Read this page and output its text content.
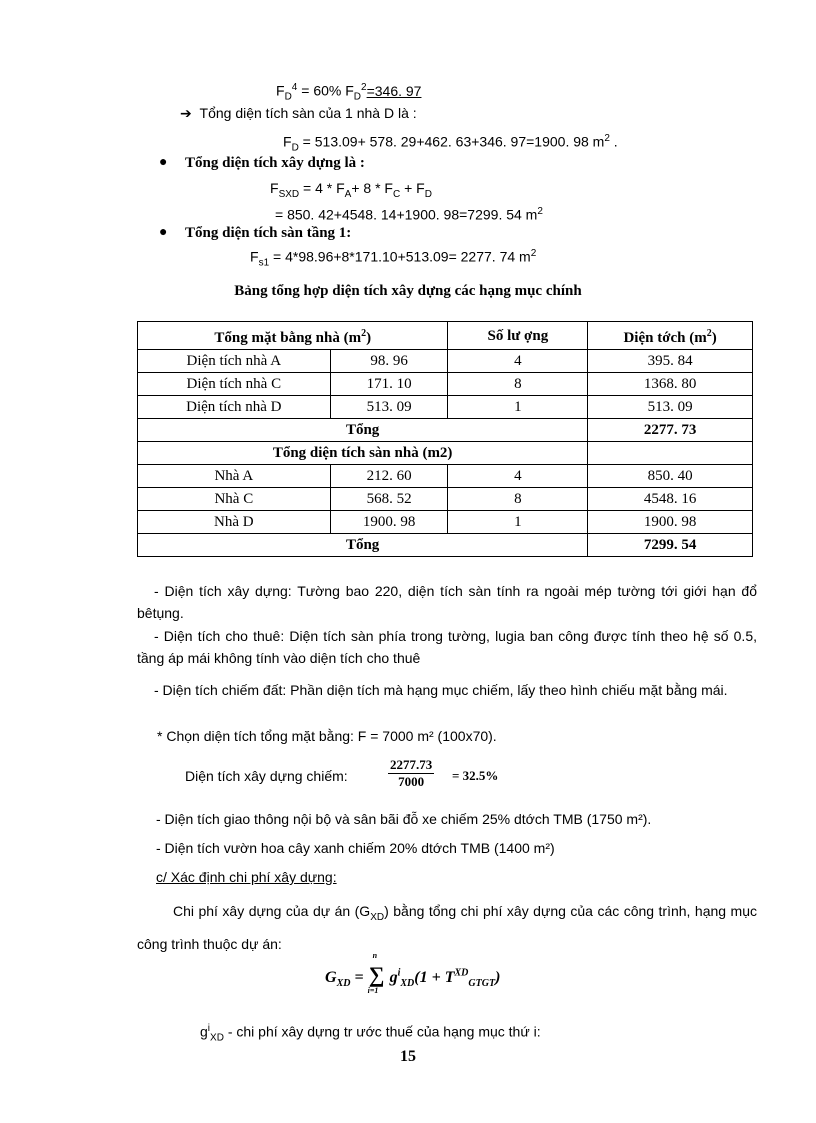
$F_D^4 = 60\%$ $F_D^2=346$. 97
➔ Tổng diện tích sàn của 1 nhà D là :
$F_D = 513.09+ 578$. 29+462. 63+346. 97=1900. 98 $m^2$ .
● Tổng diện tích xây dựng là :
$F_{SXD} = 4 * F_A+ 8 * F_C + F_D$
= 850. 42+4548. 14+1900. 98=7299. 54 $m^2$
● Tổng diện tích sàn tầng 1:
$F_{s1} = 4*98.96+8*171.10+513.09= 2277$. 74 $m^2$
Bảng tổng hợp diện tích xây dựng các hạng mục chính
Tổng mặt bằng nhà $(m^2)$		Số lư ợng	Diện tớch $(m^2)$
Diện tích nhà A	98. 96	4	395. 84
Diện tích nhà C	171. 10	8	1368. 80
Diện tích nhà D	513. 09	1	513. 09
Tổng			2277. 73
Tổng diện tích sàn nhà (m2)			
Nhà A	212. 60	4	850. 40
Nhà C	568. 52	8	4548. 16
Nhà D	1900. 98	1	1900. 98
Tổng			7299. 54
- Diện tích xây dựng: Tường bao 220, diện tích sàn tính ra ngoài mép tường tới giới hạn đổ bêtụng.
- Diện tích cho thuê: Diện tích sàn phía trong tường, lugia ban công được tính theo hệ số 0.5, tầng áp mái không tính vào diện tích cho thuê
- Diện tích chiếm đất: Phần diện tích mà hạng mục chiếm, lấy theo hình chiếu mặt bằng mái.
* Chọn diện tích tổng mặt bằng: F = 7000 m² (100x70).
Diện tích xây dựng chiếm:	$\frac{2277.73}{7000} = 32.5\%$
- Diện tích giao thông nội bộ và sân bãi đỗ xe chiếm 25% dtớch TMB (1750 m²).
- Diện tích vườn hoa cây xanh chiếm 20% dtớch TMB (1400 m²)
c/ Xác định chi phí xây dựng:
Chi phí xây dựng của dự án $(G_{XD})$ bằng tổng chi phí xây dựng của các công trình, hạng mục công trình thuộc dự án:
$G_{XD}$ =
n
∑
i=1
$g^i_{XD}(1 + T^{XD}_{GTGT})$
$g^i_{XD}$ - chi phí xây dựng tr ước thuế của hạng mục thứ i:
15
